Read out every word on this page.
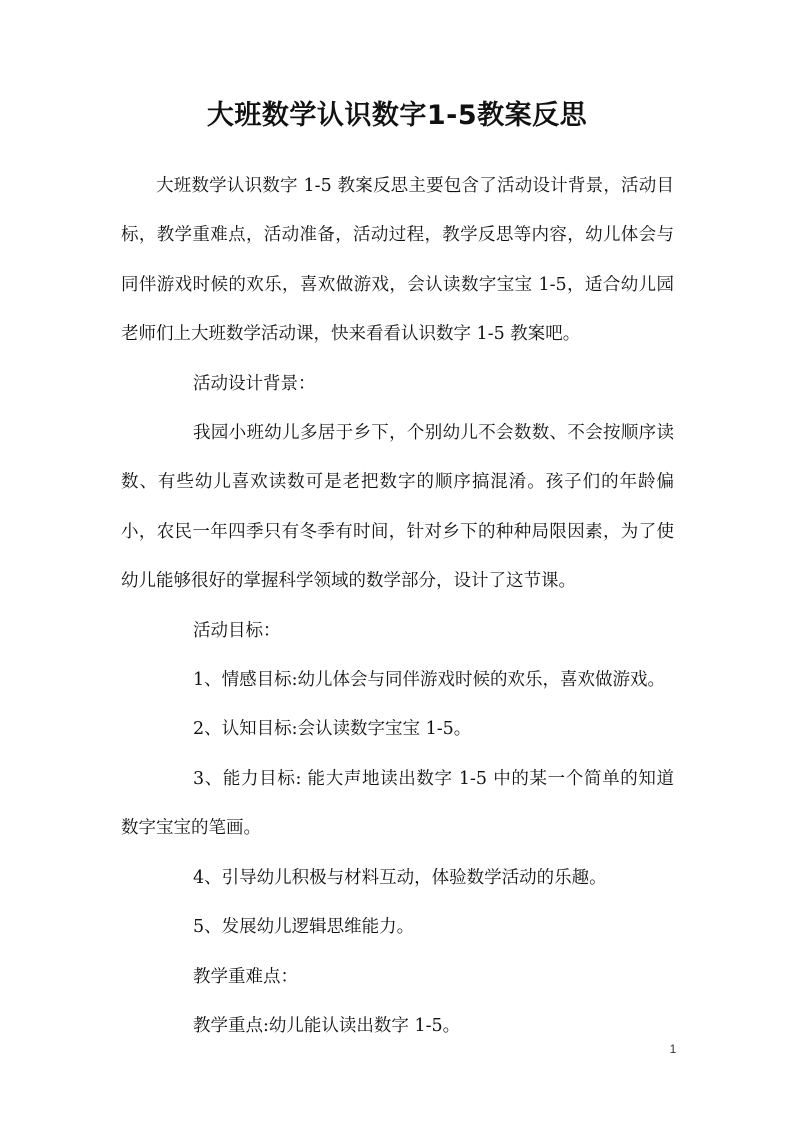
大班数学认识数字1-5教案反思

大班数学认识数字 1-5 教案反思主要包含了活动设计背景，活动目标，教学重难点，活动准备，活动过程，教学反思等内容，幼儿体会与同伴游戏时候的欢乐，喜欢做游戏，会认读数字宝宝 1-5，适合幼儿园老师们上大班数学活动课，快来看看认识数字 1-5 教案吧。

活动设计背景：

我园小班幼儿多居于乡下，个别幼儿不会数数、不会按顺序读数、有些幼儿喜欢读数可是老把数字的顺序搞混淆。孩子们的年龄偏小，农民一年四季只有冬季有时间，针对乡下的种种局限因素，为了使幼儿能够很好的掌握科学领域的数学部分，设计了这节课。

活动目标：

1、情感目标:幼儿体会与同伴游戏时候的欢乐，喜欢做游戏。

2、认知目标:会认读数字宝宝 1-5。

3、能力目标: 能大声地读出数字 1-5 中的某一个简单的知道数字宝宝的笔画。

4、引导幼儿积极与材料互动，体验数学活动的乐趣。

5、发展幼儿逻辑思维能力。

教学重难点：

教学重点:幼儿能认读出数字 1-5。

1
